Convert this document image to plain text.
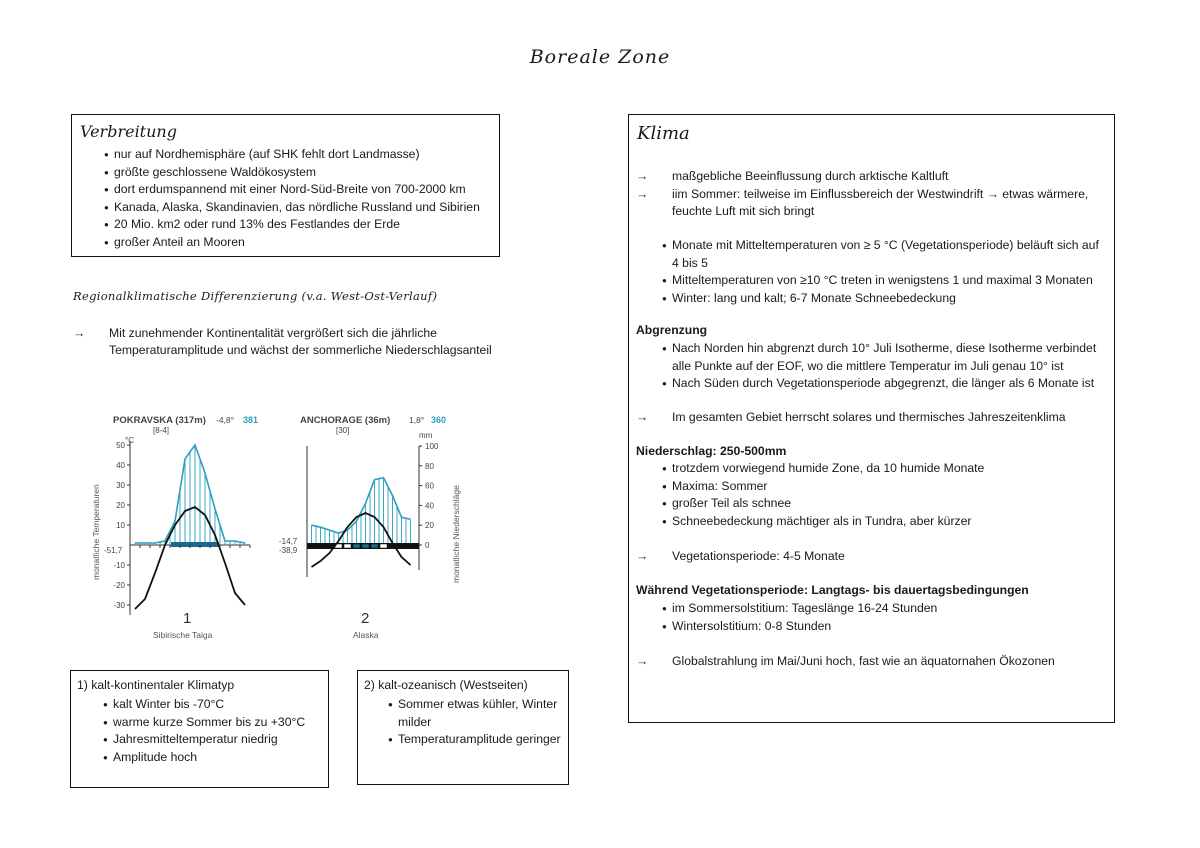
Boreale Zone
Verbreitung
● nur auf Nordhemisphäre (auf SHK fehlt dort Landmasse)
● größte geschlossene Waldökosystem
● dort erdumspannend mit einer Nord-Süd-Breite von 700-2000 km
● Kanada, Alaska, Skandinavien, das nördliche Russland und Sibirien
● 20 Mio. km2 oder rund 13% des Festlandes der Erde
● großer Anteil an Mooren
Regionalklimatische Differenzierung (v.a. West-Ost-Verlauf)
→	Mit zunehmender Kontinentalität vergrößert sich die jährliche
Temperaturamplitude und wächst der sommerliche Niederschlagsanteil
POKRAVSKA (317m) -4,8° 381
[8-4]
°C
monatliche Temperaturen
50
40
30
20
10
-10
-20
-30
-51,7
1
Sibirische Taiga
ANCHORAGE (36m) 1,8° 360
[30]
mm
monatliche Niederschläge
100
80
60
40
20
0
-14,7
-38,9
2
Alaska
1) kalt-kontinentaler Klimatyp
● kalt Winter bis -70°C
● warme kurze Sommer bis zu +30°C
● Jahresmitteltemperatur niedrig
● Amplitude hoch
2) kalt-ozeanisch (Westseiten)
● Sommer etwas kühler, Winter milder
● Temperaturamplitude geringer
Klima
→	maßgebliche Beeinflussung durch arktische Kaltluft
→	iim Sommer: teilweise im Einflussbereich der Westwindrift → etwas wärmere,
feuchte Luft mit sich bringt
● Monate mit Mitteltemperaturen von ≥ 5 °C (Vegetationsperiode) beläuft sich auf 4 bis 5
● Mitteltemperaturen von ≥10 °C treten in wenigstens 1 und maximal 3 Monaten
● Winter: lang und kalt; 6-7 Monate Schneebedeckung
Abgrenzung
● Nach Norden hin abgrenzt durch 10° Juli Isotherme, diese Isotherme verbindet alle Punkte auf der EOF, wo die mittlere Temperatur im Juli genau 10° ist
● Nach Süden durch Vegetationsperiode abgegrenzt, die länger als 6 Monate ist
→	Im gesamten Gebiet herrscht solares und thermisches Jahreszeitenklima
Niederschlag: 250-500mm
● trotzdem vorwiegend humide Zone, da 10 humide Monate
● Maxima: Sommer
● großer Teil als schnee
● Schneebedeckung mächtiger als in Tundra, aber kürzer
→	Vegetationsperiode: 4-5 Monate
Während Vegetationsperiode: Langtags- bis dauertagsbedingungen
● im Sommersolstitium: Tageslänge 16-24 Stunden
● Wintersolstitium: 0-8 Stunden
→	Globalstrahlung im Mai/Juni hoch, fast wie an äquatornahen Ökozonen
